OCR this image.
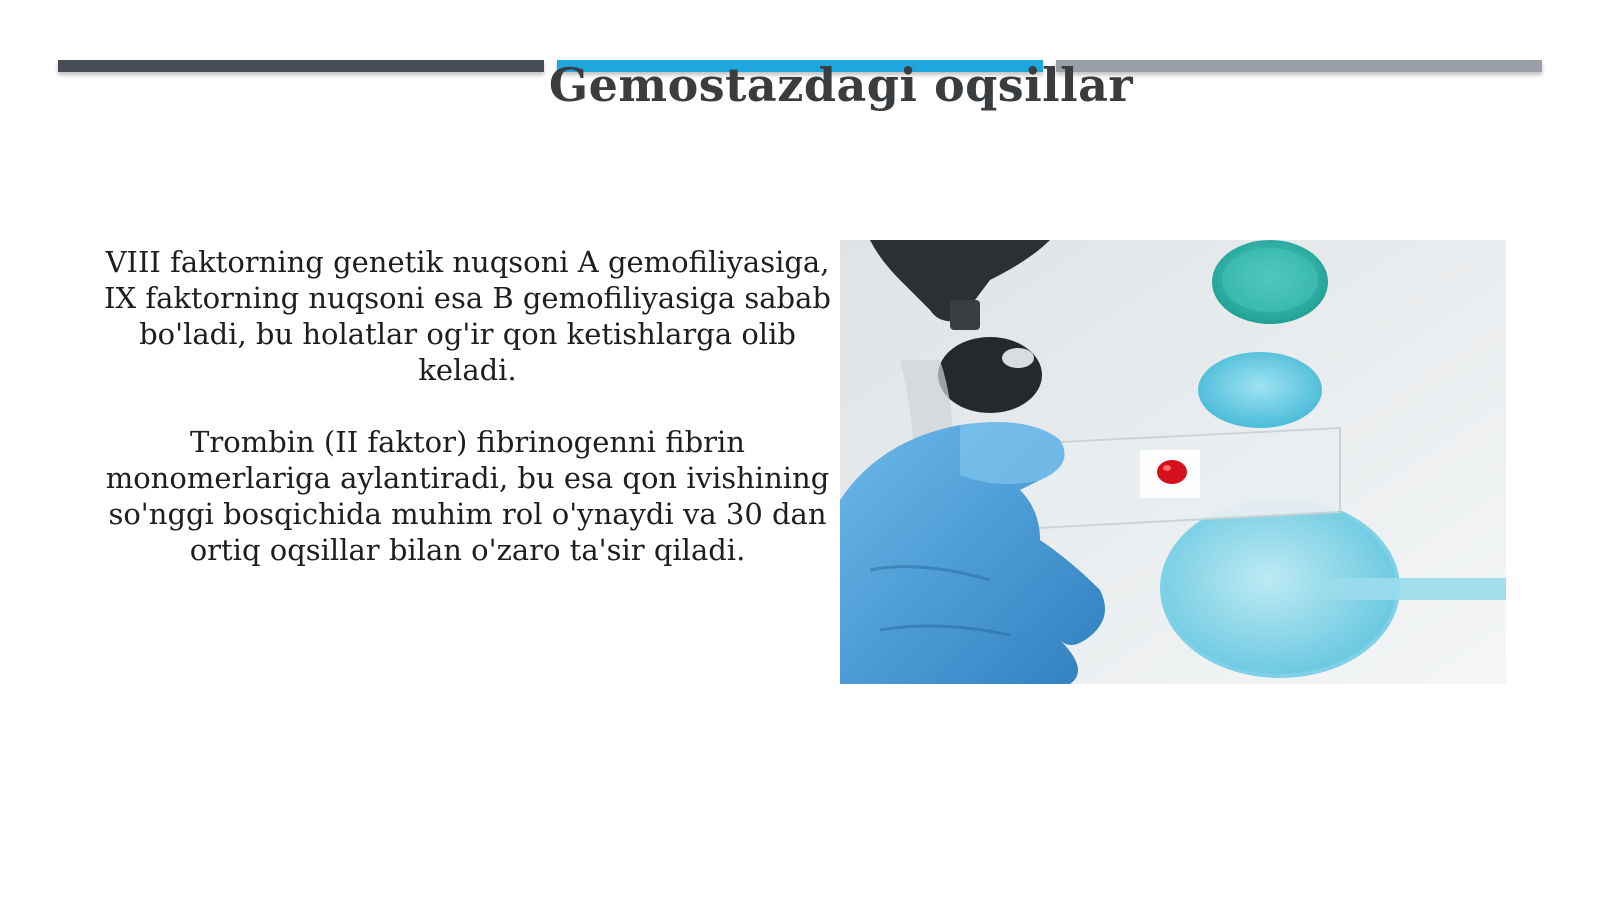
Gemostazdagi oqsillar

VIII faktorning genetik nuqsoni A gemofiliyasiga, IX faktorning nuqsoni esa B gemofiliyasiga sabab bo'ladi, bu holatlar og'ir qon ketishlarga olib keladi.

Trombin (II faktor) fibrinogenni fibrin monomerlariga aylantiradi, bu esa qon ivishining so'nggi bosqichida muhim rol o'ynaydi va 30 dan ortiq oqsillar bilan o'zaro ta'sir qiladi.
